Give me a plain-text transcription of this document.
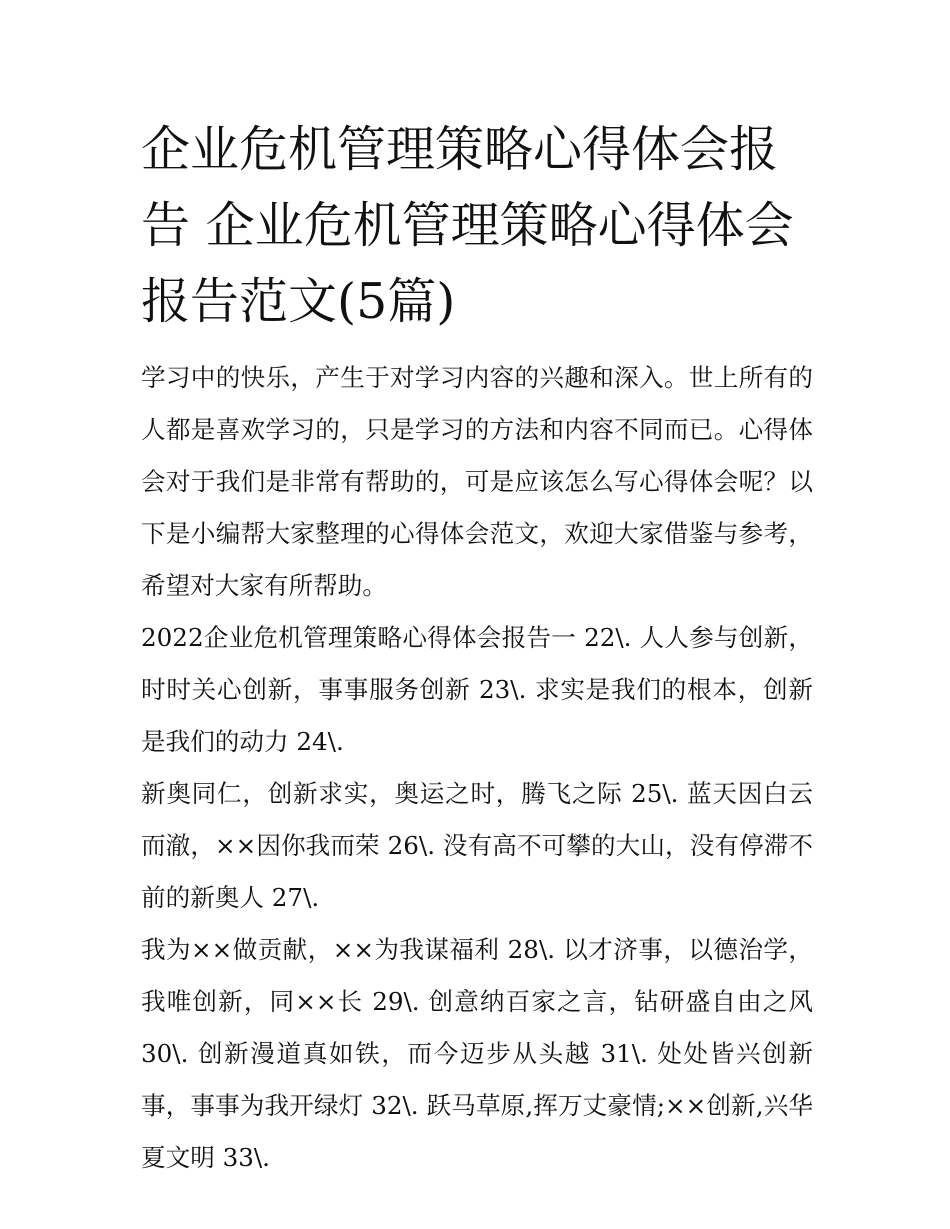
企业危机管理策略心得体会报告 企业危机管理策略心得体会报告范文(5篇)

学习中的快乐，产生于对学习内容的兴趣和深入。世上所有的人都是喜欢学习的，只是学习的方法和内容不同而已。心得体会对于我们是非常有帮助的，可是应该怎么写心得体会呢？以下是小编帮大家整理的心得体会范文，欢迎大家借鉴与参考，希望对大家有所帮助。

2022企业危机管理策略心得体会报告一 22\. 人人参与创新，时时关心创新，事事服务创新 23\. 求实是我们的根本，创新是我们的动力 24\.

新奥同仁，创新求实，奥运之时，腾飞之际 25\. 蓝天因白云而澈，××因你我而荣 26\. 没有高不可攀的大山，没有停滞不前的新奥人 27\.

我为××做贡献，××为我谋福利 28\. 以才济事，以德治学，我唯创新，同××长 29\. 创意纳百家之言，钻研盛自由之风 30\. 创新漫道真如铁，而今迈步从头越 31\. 处处皆兴创新事，事事为我开绿灯 32\. 跃马草原,挥万丈豪情;××创新,兴华夏文明 33\.
